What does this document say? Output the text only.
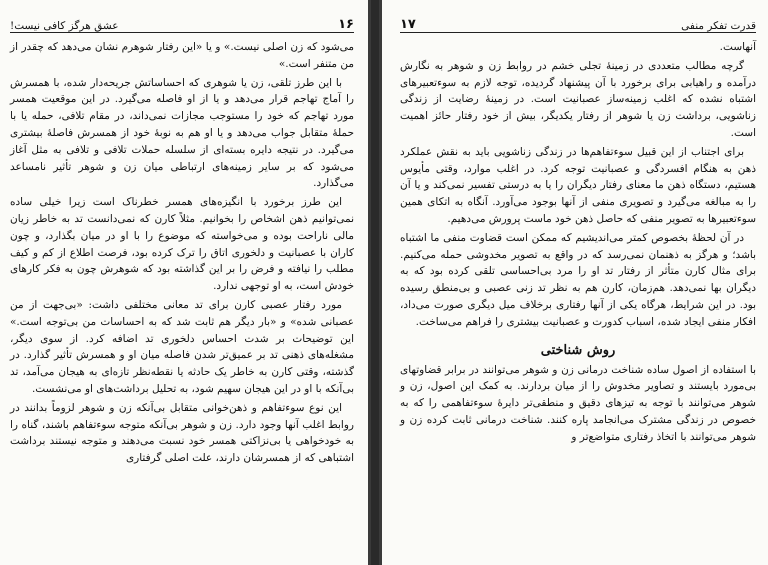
۱۶
عشق هرگز کافی نیست!

می‌شود که زن اصلی نیست.» و یا «این رفتار شوهرم نشان می‌دهد که چقدر از من متنفر است.»

با این طرز تلقی، زن یا شوهری که احساساتش جریحه‌دار شده، با همسرش را آماج تهاجم قرار می‌دهد و یا از او فاصله می‌گیرد. در این موقعیت همسر مورد تهاجم که خود را مستوجب مجازات نمی‌داند، در مقام تلافی، حمله یا با حملهٔ متقابل جواب می‌دهد و یا او هم به نوبهٔ خود از همسرش فاصلهٔ بیشتری می‌گیرد. در نتیجه دایره بسته‌ای از سلسله حملات تلافی و تلافی به مثل آغاز می‌شود که بر سایر زمینه‌های ارتباطی میان زن و شوهر تأثیر نامساعد می‌گذارد.

این طرز برخورد با انگیزه‌های همسر خطرناک است زیرا خیلی ساده نمی‌توانیم ذهن اشخاص را بخوانیم. مثلاً کارن که نمی‌دانست تد به خاطر زیان مالی ناراحت بوده و می‌خواسته که موضوع را با او در میان بگذارد، و چون کاران با عصبانیت و دلخوری اتاق را ترک کرده بود، فرصت اطلاع از کم و کیف مطلب را نیافته و فرض را بر این گذاشته بود که شوهرش چون به فکر کارهای خودش است، به او توجهی ندارد.

مورد رفتار عصبی کارن برای تد معانی مختلفی داشت: «بی‌جهت از من عصبانی شده» و «بار دیگر هم ثابت شد که به احساسات من بی‌توجه است.» این توضیحات بر شدت احساس دلخوری تد اضافه کرد. از سوی دیگر، مشغله‌های ذهنی تد بر عمیق‌تر شدن فاصله میان او و همسرش تأثیر گذارد. در گذشته، وقتی کارن به خاطر یک حادثه یا نقطه‌نظر تازه‌ای به هیجان می‌آمد، تد بی‌آنکه با او در این هیجان سهیم شود، به تحلیل برداشت‌های او می‌نشست.

این نوع سوء‌تفاهم و ذهن‌خوانی متقابل بی‌آنکه زن و شوهر لزوماً بدانند در روابط اغلب آنها وجود دارد. زن و شوهر بی‌آنکه متوجه سوء‌تفاهم باشند، گناه را به خودخواهی یا بی‌نزاکتی همسر خود نسبت می‌دهند و متوجه نیستند برداشت اشتباهی که از همسرشان دارند، علت اصلی گرفتاری

قدرت تفکر منفی
۱۷

آنهاست.

گرچه مطالب متعددی در زمینهٔ تجلی خشم در روابط زن و شوهر به نگارش درآمده و راهیابی برای برخورد با آن پیشنهاد گردیده، توجه لازم به سوء‌تعبیرهای اشتباه نشده که اغلب زمینه‌ساز عصبانیت است. در زمینهٔ رضایت از زندگی زناشویی، برداشت زن یا شوهر از رفتار یکدیگر، بیش از خود رفتار حائز اهمیت است.

برای اجتناب از این قبیل سوء‌تفاهم‌ها در زندگی زناشویی باید به نقش عملکرد ذهن به هنگام افسردگی و عصبانیت توجه کرد. در اغلب موارد، وقتی مأیوس هستیم، دستگاه ذهن ما معنای رفتار دیگران را یا به درستی تفسیر نمی‌کند و یا آن را به مبالغه می‌گیرد و تصویری منفی از آنها بوجود می‌آورد. آنگاه به اتکای همین سوء‌تعبیرها به تصویر منفی که حاصل ذهن خود ماست پرورش می‌دهیم.

در آن لحظهٔ بخصوص کمتر می‌اندیشیم که ممکن است قضاوت منفی ما اشتباه باشد؛ و هرگز به ذهنمان نمی‌رسد که در واقع به تصویر مخدوشی حمله می‌کنیم. برای مثال کارن متأثر از رفتار تد او را مرد بی‌احساسی تلقی کرده بود که به دیگران بها نمی‌دهد. هم‌زمان، کارن هم به نظر تد زنی عصبی و بی‌منطق رسیده بود. در این شرایط، هرگاه یکی از آنها رفتاری برخلاف میل دیگری صورت می‌داد، افکار منفی ایجاد شده، اسباب کدورت و عصبانیت بیشتری را فراهم می‌ساخت.

روش شناختی

با استفاده از اصول ساده شناخت درمانی زن و شوهر می‌توانند در برابر قضاوتهای بی‌مورد بایستند و تصاویر مخدوش را از میان بردارند. به کمک این اصول، زن و شوهر می‌توانند با توجه به تیزهای دقیق و منطقی‌تر دایرهٔ سوء‌تفاهمی را که به خصوص در زندگی مشترک می‌انجامد پاره کنند. شناخت درمانی ثابت کرده زن و شوهر می‌توانند با اتخاذ رفتاری متواضع‌تر و
